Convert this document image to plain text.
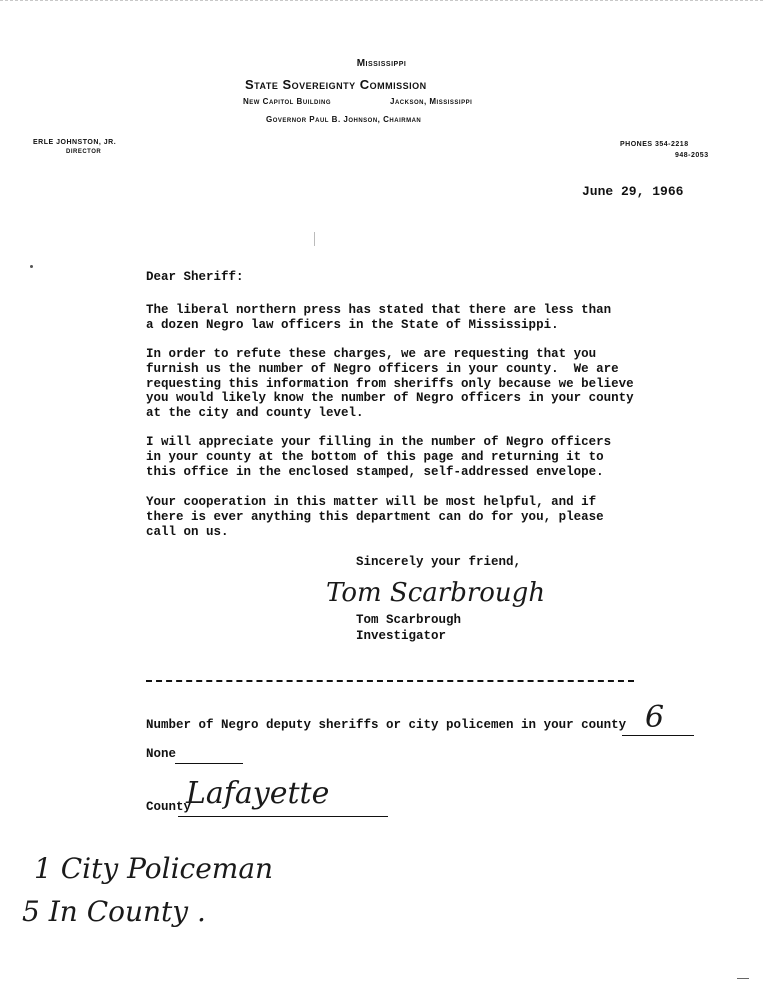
Mississippi
State Sovereignty Commission
New Capitol Building	Jackson, Mississippi
Governor Paul B. Johnson, Chairman
ERLE JOHNSTON, JR.
DIRECTOR
PHONES 354-2218
948-2053
June 29, 1966
Dear Sheriff:
The liberal northern press has stated that there are less than
a dozen Negro law officers in the State of Mississippi.
In order to refute these charges, we are requesting that you
furnish us the number of Negro officers in your county.  We are
requesting this information from sheriffs only because we believe
you would likely know the number of Negro officers in your county
at the city and county level.
I will appreciate your filling in the number of Negro officers
in your county at the bottom of this page and returning it to
this office in the enclosed stamped, self-addressed envelope.
Your cooperation in this matter will be most helpful, and if
there is ever anything this department can do for you, please
call on us.
Sincerely your friend,
Tom Scarbrough
Tom Scarbrough
Investigator
Number of Negro deputy sheriffs or city policemen in your county 6
None
County
Lafayette
1 City Policeman
5 In County .
